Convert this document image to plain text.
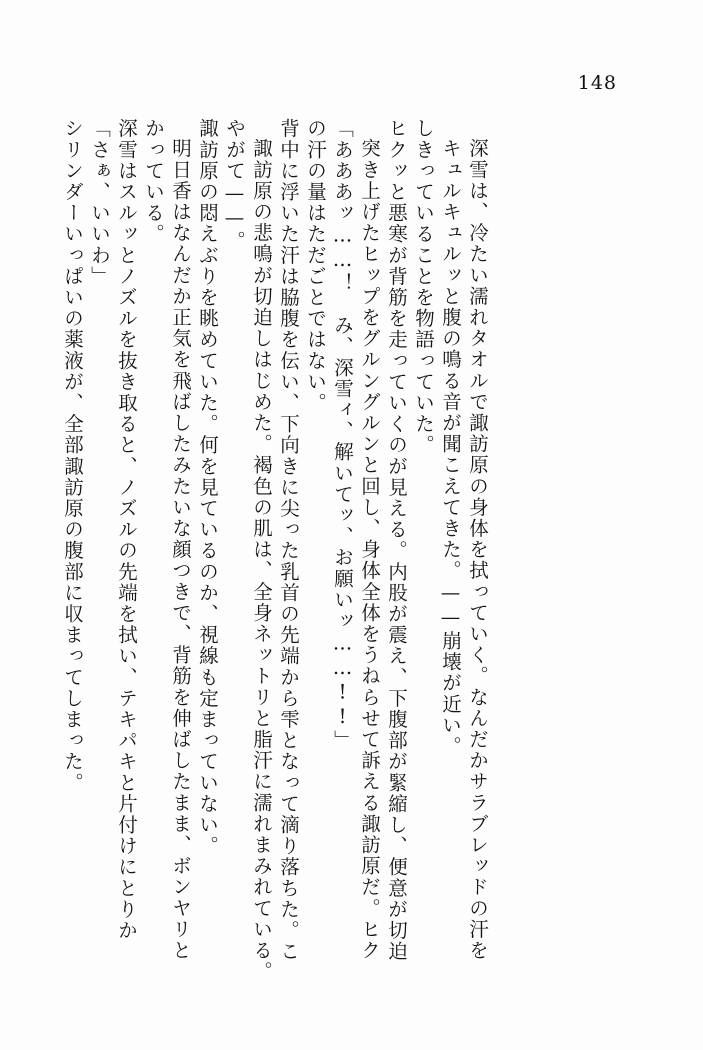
148
シリンダーいっぱいの薬液が、全部諏訪原の腹部に収まってしまった。 「さぁ、いいわ」 深雪はスルッとノズルを抜き取ると、ノズルの先端を拭い、テキパキと片付けにとりか かっている。 明日香はなんだか正気を飛ばしたみたいな顔つきで、背筋を伸ばしたまま、ボンヤリと 諏訪原の悶えぶりを眺めていた。何を見ているのか、視線も定まっていない。 やがて——。 諏訪原の悲鳴が切迫しはじめた。褐色の肌は、全身ネットリと脂汗に濡れまみれている。 背中に浮いた汗は脇腹を伝い、下向きに尖った乳首の先端から雫となって滴り落ちた。こ の汗の量はただごとではない。 「あああッ……！　み、深雪ィ、解いてッ、お願いッ……!!」 突き上げたヒップをグルングルンと回し、身体全体をうねらせて訴える諏訪原だ。ヒク ヒクッと悪寒が背筋を走っていくのが見える。内股が震え、下腹部が緊縮し、便意が切迫 しきっていることを物語っていた。 キュルキュルッと腹の鳴る音が聞こえてきた。——崩壊が近い。 深雪は、冷たい濡れタオルで諏訪原の身体を拭っていく。なんだかサラブレッドの汗を
